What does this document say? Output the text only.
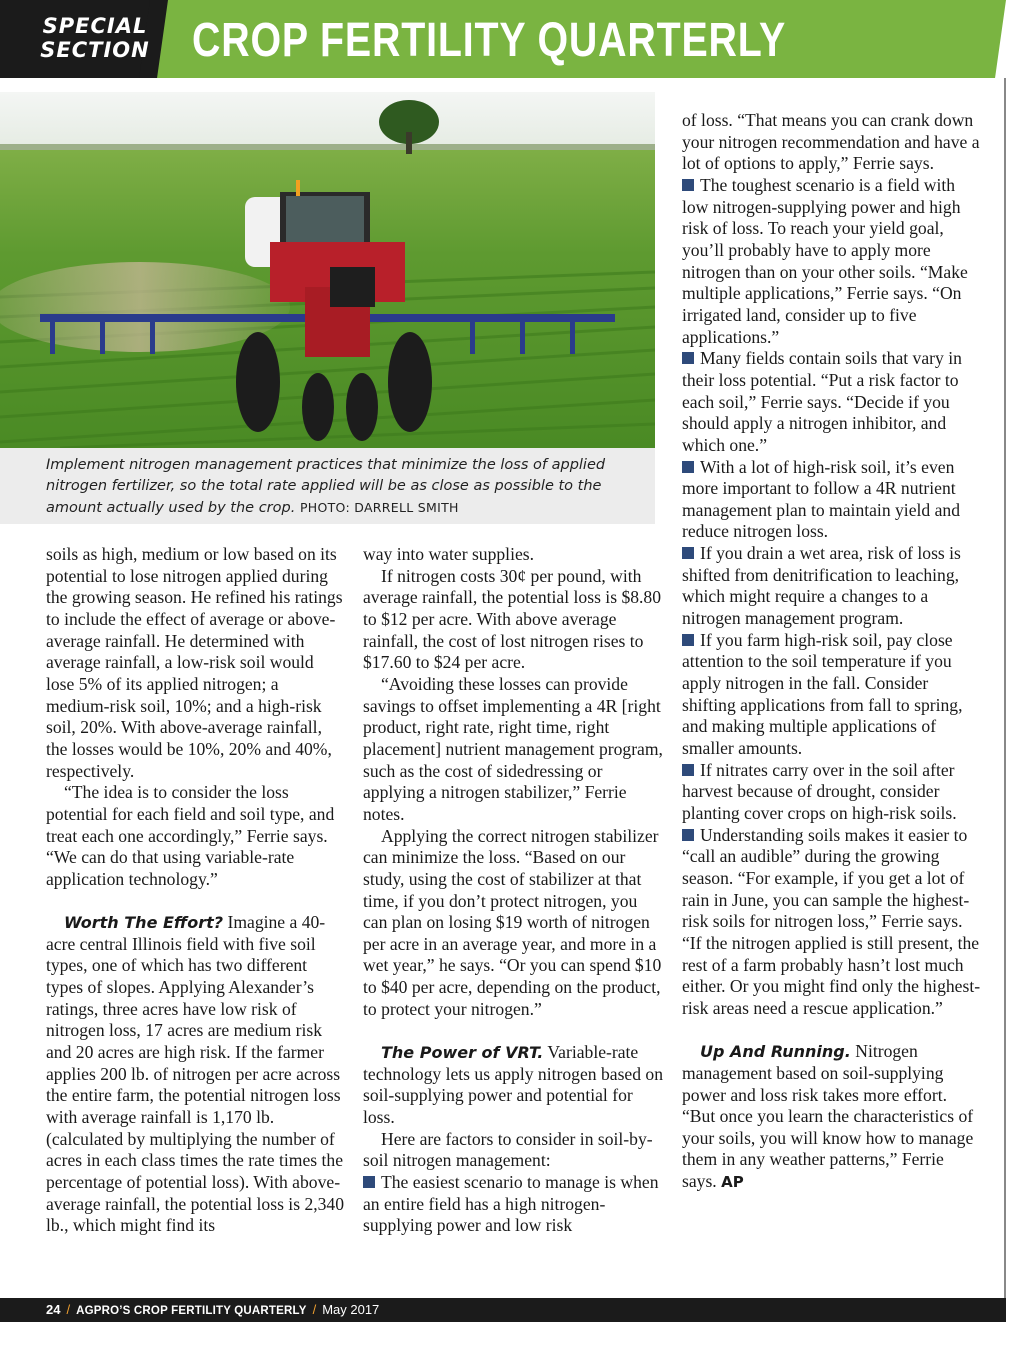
SPECIAL
SECTION CROP FERTILITY QUARTERLY
Implement nitrogen management practices that minimize the loss of applied nitrogen fertilizer, so the total rate applied will be as close as possible to the amount actually used by the crop. PHOTO: DARRELL SMITH

soils as high, medium or low based on its potential to lose nitrogen applied during the growing season. He refined his ratings to include the effect of average or above-average rainfall. He determined with average rainfall, a low-risk soil would lose 5% of its applied nitrogen; a medium-risk soil, 10%; and a high-risk soil, 20%. With above-average rainfall, the losses would be 10%, 20% and 40%, respectively.

“The idea is to consider the loss potential for each field and soil type, and treat each one accordingly,” Ferrie says. “We can do that using variable-rate application technology.”

Worth The Effort? Imagine a 40-acre central Illinois field with five soil types, one of which has two different types of slopes. Applying Alexander’s ratings, three acres have low risk of nitrogen loss, 17 acres are medium risk and 20 acres are high risk. If the farmer applies 200 lb. of nitrogen per acre across the entire farm, the potential nitrogen loss with average rainfall is 1,170 lb. (calculated by multiplying the number of acres in each class times the rate times the percentage of potential loss). With above-average rainfall, the potential loss is 2,340 lb., which might find its

way into water supplies.

If nitrogen costs 30¢ per pound, with average rainfall, the potential loss is $8.80 to $12 per acre. With above average rainfall, the cost of lost nitrogen rises to $17.60 to $24 per acre.

“Avoiding these losses can provide savings to offset implementing a 4R [right product, right rate, right time, right placement] nutrient management program, such as the cost of sidedressing or applying a nitrogen stabilizer,” Ferrie notes.

Applying the correct nitrogen stabilizer can minimize the loss. “Based on our study, using the cost of stabilizer at that time, if you don’t protect nitrogen, you can plan on losing $19 worth of nitrogen per acre in an average year, and more in a wet year,” he says. “Or you can spend $10 to $40 per acre, depending on the product, to protect your nitrogen.”

The Power of VRT. Variable-rate technology lets us apply nitrogen based on soil-supplying power and potential for loss.

Here are factors to consider in soil-by-soil nitrogen management:

The easiest scenario to manage is when an entire field has a high nitrogen-supplying power and low risk

of loss. “That means you can crank down your nitrogen recommendation and have a lot of options to apply,” Ferrie says.

The toughest scenario is a field with low nitrogen-supplying power and high risk of loss. To reach your yield goal, you’ll probably have to apply more nitrogen than on your other soils. “Make multiple applications,” Ferrie says. “On irrigated land, consider up to five applications.”

Many fields contain soils that vary in their loss potential. “Put a risk factor to each soil,” Ferrie says. “Decide if you should apply a nitrogen inhibitor, and which one.”

With a lot of high-risk soil, it’s even more important to follow a 4R nutrient management plan to maintain yield and reduce nitrogen loss.

If you drain a wet area, risk of loss is shifted from denitrification to leaching, which might require a changes to a nitrogen management program.

If you farm high-risk soil, pay close attention to the soil temperature if you apply nitrogen in the fall. Consider shifting applications from fall to spring, and making multiple applications of smaller amounts.

If nitrates carry over in the soil after harvest because of drought, consider planting cover crops on high-risk soils.

Understanding soils makes it easier to “call an audible” during the growing season. “For example, if you get a lot of rain in June, you can sample the highest-risk soils for nitrogen loss,” Ferrie says. “If the nitrogen applied is still present, the rest of a farm probably hasn’t lost much either. Or you might find only the highest-risk areas need a rescue application.”

Up And Running. Nitrogen management based on soil-supplying power and loss risk takes more effort. “But once you learn the characteristics of your soils, you will know how to manage them in any weather patterns,” Ferrie says. AP

24 / AGPRO’S CROP FERTILITY QUARTERLY / May 2017
